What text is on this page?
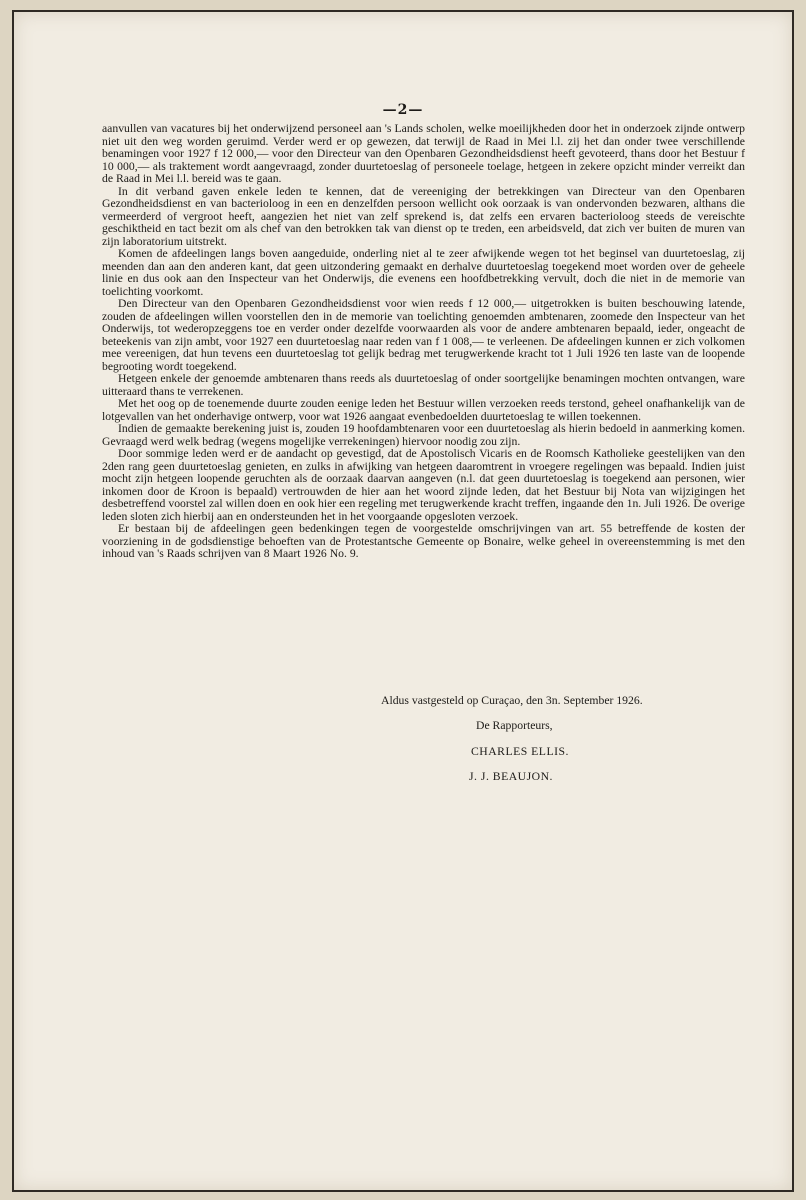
—2—

aanvullen van vacatures bij het onderwijzend personeel aan 's Lands scholen, welke moeilijkheden door het in onderzoek zijnde ontwerp niet uit den weg worden geruimd. Verder werd er op gewezen, dat terwijl de Raad in Mei l.l. zij het dan onder twee verschillende benamingen voor 1927 f 12 000,— voor den Directeur van den Openbaren Gezondheidsdienst heeft gevoteerd, thans door het Bestuur f 10 000,— als traktement wordt aangevraagd, zonder duurtetoeslag of personeele toelage, hetgeen in zekere opzicht minder verreikt dan de Raad in Mei l.l. bereid was te gaan.

In dit verband gaven enkele leden te kennen, dat de vereeniging der betrekkingen van Directeur van den Openbaren Gezondheidsdienst en van bacterioloog in een en denzelfden persoon wellicht ook oorzaak is van ondervonden bezwaren, althans die vermeerderd of vergroot heeft, aangezien het niet van zelf sprekend is, dat zelfs een ervaren bacterioloog steeds de vereischte geschiktheid en tact bezit om als chef van den betrokken tak van dienst op te treden, een arbeidsveld, dat zich ver buiten de muren van zijn laboratorium uitstrekt.

Komen de afdeelingen langs boven aangeduide, onderling niet al te zeer afwijkende wegen tot het beginsel van duurtetoeslag, zij meenden dan aan den anderen kant, dat geen uitzondering gemaakt en derhalve duurtetoeslag toegekend moet worden over de geheele linie en dus ook aan den Inspecteur van het Onderwijs, die evenens een hoofdbetrekking vervult, doch die niet in de memorie van toelichting voorkomt.

Den Directeur van den Openbaren Gezondheidsdienst voor wien reeds f 12 000,— uitgetrokken is buiten beschouwing latende, zouden de afdeelingen willen voorstellen den in de memorie van toelichting genoemden ambtenaren, zoomede den Inspecteur van het Onderwijs, tot wederopzeggens toe en verder onder dezelfde voorwaarden als voor de andere ambtenaren bepaald, ieder, ongeacht de beteekenis van zijn ambt, voor 1927 een duurtetoeslag naar reden van f 1 008,— te verleenen. De afdeelingen kunnen er zich volkomen mee vereenigen, dat hun tevens een duurtetoeslag tot gelijk bedrag met terugwerkende kracht tot 1 Juli 1926 ten laste van de loopende begrooting wordt toegekend.

Hetgeen enkele der genoemde ambtenaren thans reeds als duurtetoeslag of onder soortgelijke benamingen mochten ontvangen, ware uitteraard thans te verrekenen.

Met het oog op de toenemende duurte zouden eenige leden het Bestuur willen verzoeken reeds terstond, geheel onafhankelijk van de lotgevallen van het onderhavige ontwerp, voor wat 1926 aangaat evenbedoelden duurtetoeslag te willen toekennen.

Indien de gemaakte berekening juist is, zouden 19 hoofdambtenaren voor een duurtetoeslag als hierin bedoeld in aanmerking komen. Gevraagd werd welk bedrag (wegens mogelijke verrekeningen) hiervoor noodig zou zijn.

Door sommige leden werd er de aandacht op gevestigd, dat de Apostolisch Vicaris en de Roomsch Katholieke geestelijken van den 2den rang geen duurtetoeslag genieten, en zulks in afwijking van hetgeen daaromtrent in vroegere regelingen was bepaald. Indien juist mocht zijn hetgeen loopende geruchten als de oorzaak daarvan aangeven (n.l. dat geen duurtetoeslag is toegekend aan personen, wier inkomen door de Kroon is bepaald) vertrouwden de hier aan het woord zijnde leden, dat het Bestuur bij Nota van wijzigingen het desbetreffend voorstel zal willen doen en ook hier een regeling met terugwerkende kracht treffen, ingaande den 1n. Juli 1926. De overige leden sloten zich hierbij aan en ondersteunden het in het voorgaande opgesloten verzoek.

Er bestaan bij de afdeelingen geen bedenkingen tegen de voorgestelde omschrijvingen van art. 55 betreffende de kosten der voorziening in de godsdienstige behoeften van de Protestantsche Gemeente op Bonaire, welke geheel in overeenstemming is met den inhoud van 's Raads schrijven van 8 Maart 1926 No. 9.

Aldus vastgesteld op Curaçao, den 3n. September 1926.
De Rapporteurs,
CHARLES ELLIS.
J. J. BEAUJON.
